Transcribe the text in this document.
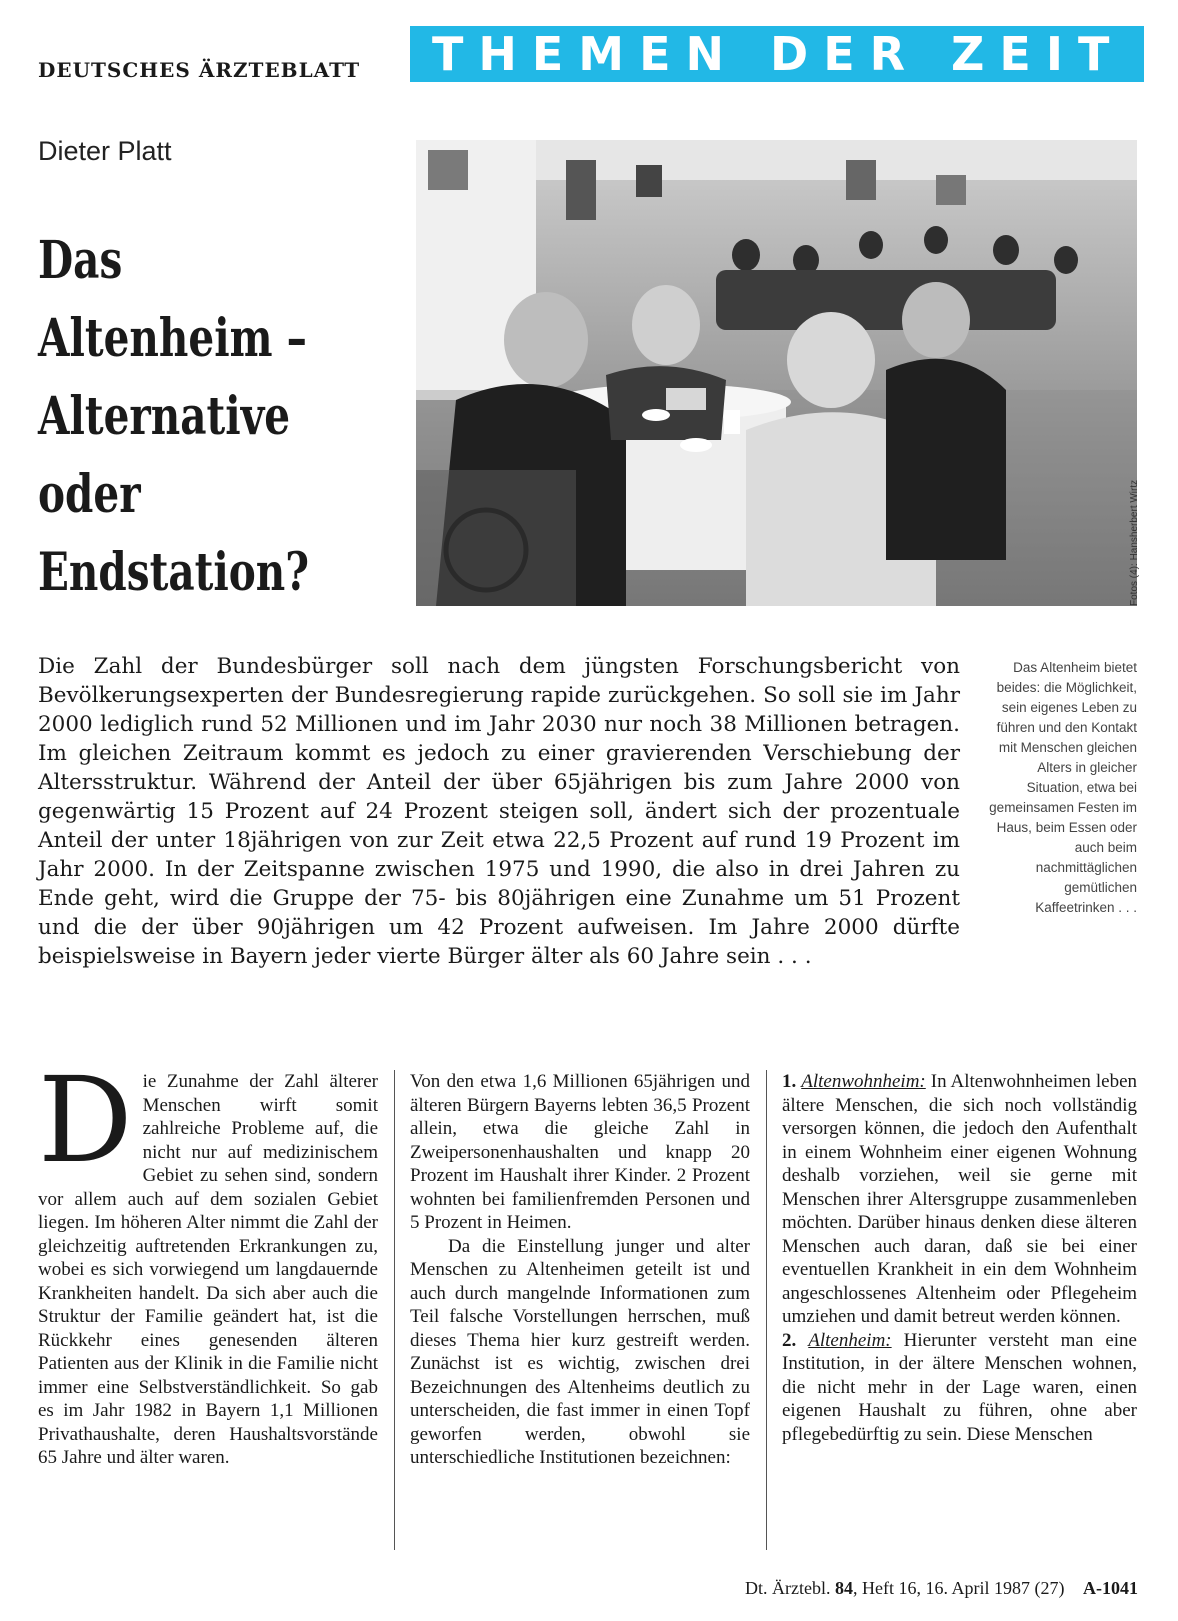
DEUTSCHES ÄRZTEBLATT	THEMEN DER ZEIT
Dieter Platt
Das
Altenheim –
Alternative
oder
Endstation?	Fotos (4): Hansherbert Wirtz
Die Zahl der Bundesbürger soll nach dem jüngsten Forschungsbericht von Bevölkerungsexperten der Bundesregierung rapide zurückgehen. So soll sie im Jahr 2000 lediglich rund 52 Millionen und im Jahr 2030 nur noch 38 Millionen betragen. Im gleichen Zeitraum kommt es jedoch zu einer gravierenden Verschiebung der Altersstruktur. Während der Anteil der über 65jährigen bis zum Jahre 2000 von gegenwärtig 15 Prozent auf 24 Prozent steigen soll, ändert sich der prozentuale Anteil der unter 18jährigen von zur Zeit etwa 22,5 Prozent auf rund 19 Prozent im Jahr 2000. In der Zeitspanne zwischen 1975 und 1990, die also in drei Jahren zu Ende geht, wird die Gruppe der 75- bis 80jährigen eine Zunahme um 51 Prozent und die der über 90jährigen um 42 Prozent aufweisen. Im Jahre 2000 dürfte beispielsweise in Bayern jeder vierte Bürger älter als 60 Jahre sein . . .
Das Altenheim bietet beides: die Möglichkeit, sein eigenes Leben zu führen und den Kontakt mit Menschen gleichen Alters in gleicher Situation, etwa bei gemeinsamen Festen im Haus, beim Essen oder auch beim nachmittäglichen gemütlichen Kaffeetrinken . . .

Die Zunahme der Zahl älterer Menschen wirft somit zahlreiche Probleme auf, die nicht nur auf medizinischem Gebiet zu sehen sind, sondern vor allem auch auf dem sozialen Gebiet liegen. Im höheren Alter nimmt die Zahl der gleichzeitig auftretenden Erkrankungen zu, wobei es sich vorwiegend um langdauernde Krankheiten handelt. Da sich aber auch die Struktur der Familie geändert hat, ist die Rückkehr eines genesenden älteren Patienten aus der Klinik in die Familie nicht immer eine Selbstverständlichkeit. So gab es im Jahr 1982 in Bayern 1,1 Millionen Privathaushalte, deren Haushaltsvorstände 65 Jahre und älter waren.

Von den etwa 1,6 Millionen 65jährigen und älteren Bürgern Bayerns lebten 36,5 Prozent allein, etwa die gleiche Zahl in Zweipersonenhaushalten und knapp 20 Prozent im Haushalt ihrer Kinder. 2 Prozent wohnten bei familienfremden Personen und 5 Prozent in Heimen.

Da die Einstellung junger und alter Menschen zu Altenheimen geteilt ist und auch durch mangelnde Informationen zum Teil falsche Vorstellungen herrschen, muß dieses Thema hier kurz gestreift werden. Zunächst ist es wichtig, zwischen drei Bezeichnungen des Altenheims deutlich zu unterscheiden, die fast immer in einen Topf geworfen werden, obwohl sie unterschiedliche Institutionen bezeichnen:

1. Altenwohnheim: In Altenwohnheimen leben ältere Menschen, die sich noch vollständig versorgen können, die jedoch den Aufenthalt in einem Wohnheim einer eigenen Wohnung deshalb vorziehen, weil sie gerne mit Menschen ihrer Altersgruppe zusammenleben möchten. Darüber hinaus denken diese älteren Menschen auch daran, daß sie bei einer eventuellen Krankheit in ein dem Wohnheim angeschlossenes Altenheim oder Pflegeheim umziehen und damit betreut werden können.

2. Altenheim: Hierunter versteht man eine Institution, in der ältere Menschen wohnen, die nicht mehr in der Lage waren, einen eigenen Haushalt zu führen, ohne aber pflegebedürftig zu sein. Diese Menschen

Dt. Ärztebl. 84, Heft 16, 16. April 1987 (27) A-1041
